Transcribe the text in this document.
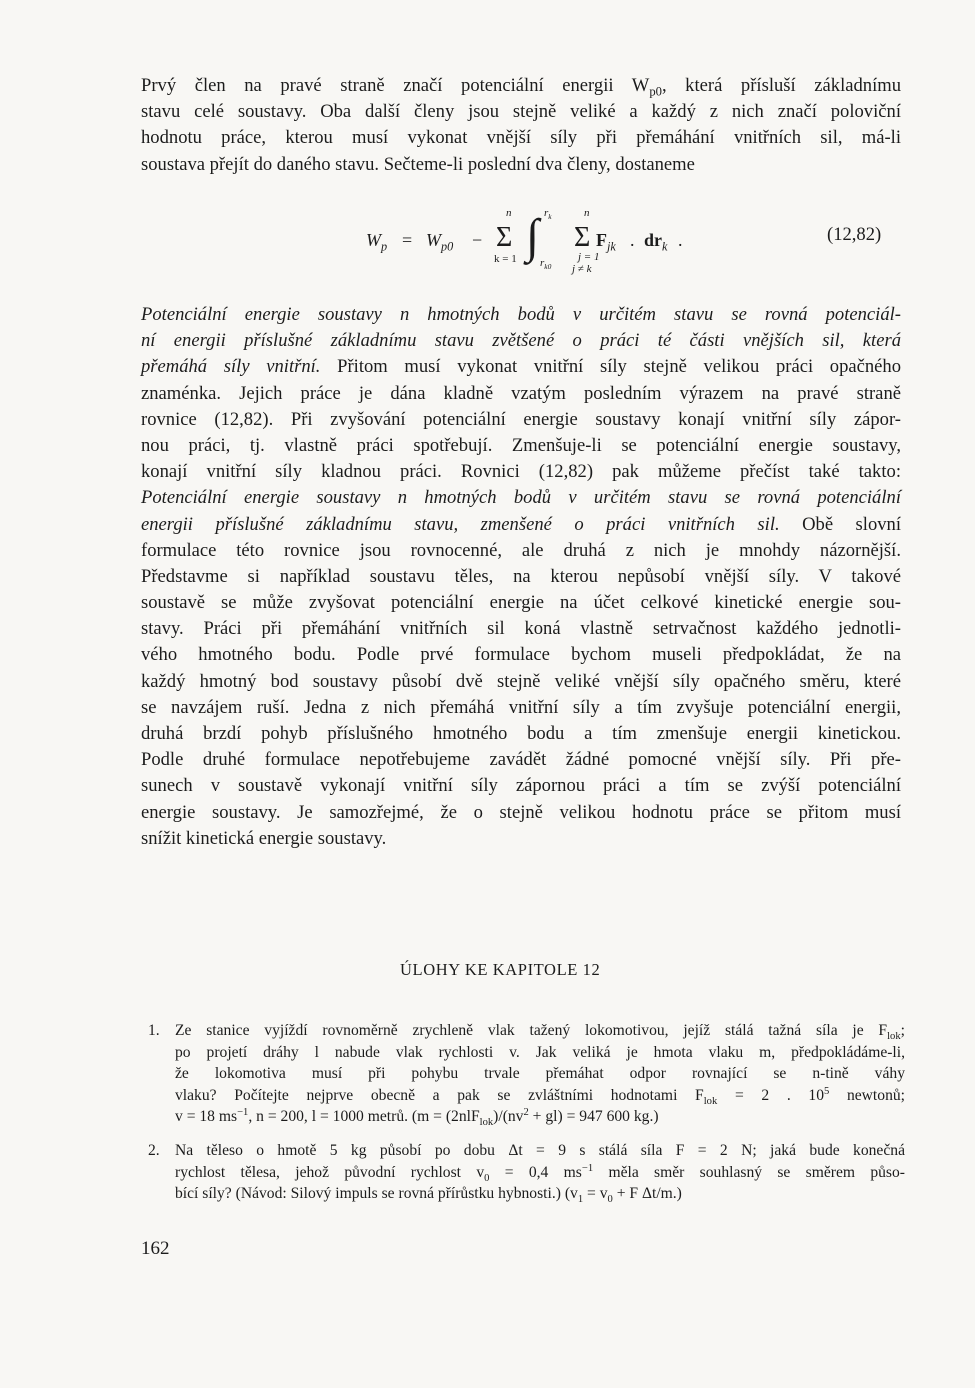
Prvý člen na pravé straně značí potenciální energii $W_{p0}$, která přísluší základnímu
stavu celé soustavy. Oba další členy jsou stejně veliké a každý z nich značí poloviční
hodnotu práce, kterou musí vykonat vnější síly při přemáhání vnitřních sil, má-li
soustava přejít do daného stavu. Sečteme-li poslední dva členy, dostaneme
$W_p = W_{p0}$ −
n
Σ
k = 1 ∫ $r_k$
$r_{k0}$
n
Σ
j = 1
j ≠ k
$F_{jk}$ . $dr_k$ .	(12,82)
Potenciální energie soustavy n hmotných bodů v určitém stavu se rovná potenciál-
ní energii příslušné základnímu stavu zvětšené o práci té části vnějších sil, která
přemáhá síly vnitřní. Přitom musí vykonat vnitřní síly stejně velikou práci opačného
znaménka. Jejich práce je dána kladně vzatým posledním výrazem na pravé straně
rovnice (12,82). Při zvyšování potenciální energie soustavy konají vnitřní síly zápor-
nou práci, tj. vlastně práci spotřebují. Zmenšuje-li se potenciální energie soustavy,
konají vnitřní síly kladnou práci. Rovnici (12,82) pak můžeme přečíst také takto:
Potenciální energie soustavy n hmotných bodů v určitém stavu se rovná potenciální
energii příslušné základnímu stavu, zmenšené o práci vnitřních sil. Obě slovní
formulace této rovnice jsou rovnocenné, ale druhá z nich je mnohdy názornější.
Představme si například soustavu těles, na kterou nepůsobí vnější síly. V takové
soustavě se může zvyšovat potenciální energie na účet celkové kinetické energie sou-
stavy. Práci při přemáhání vnitřních sil koná vlastně setrvačnost každého jednotli-
vého hmotného bodu. Podle prvé formulace bychom museli předpokládat, že na
každý hmotný bod soustavy působí dvě stejně veliké vnější síly opačného směru, které
se navzájem ruší. Jedna z nich přemáhá vnitřní síly a tím zvyšuje potenciální energii,
druhá brzdí pohyb příslušného hmotného bodu a tím zmenšuje energii kinetickou.
Podle druhé formulace nepotřebujeme zavádět žádné pomocné vnější síly. Při pře-
sunech v soustavě vykonají vnitřní síly zápornou práci a tím se zvýší potenciální
energie soustavy. Je samozřejmé, že o stejně velikou hodnotu práce se přitom musí
snížit kinetická energie soustavy.
ÚLOHY KE KAPITOLE 12
1. Ze stanice vyjíždí rovnoměrně zrychleně vlak tažený lokomotivou, jejíž stálá tažná síla je $F_{lok}$;
po projetí dráhy l nabude vlak rychlosti v. Jak veliká je hmota vlaku m, předpokládáme-li,
že lokomotiva musí při pohybu trvale přemáhat odpor rovnající se n-tině váhy
vlaku? Počítejte nejprve obecně a pak se zvláštními hodnotami $F_{lok} = 2$ . $10^5$ newtonů;
v = 18 $ms^{-1}$, n = 200, l = 1000 metrů. ($m = (2nlF_{lok})/(nv^2 + gl) = 947$ 600 kg.)
2. Na těleso o hmotě 5 kg působí po dobu Δt = 9 s stálá síla F = 2 N; jaká bude konečná
rychlost tělesa, jehož původní rychlost $v_0 = 0,4$ $ms^{-1}$ měla směr souhlasný se směrem půso-
bící síly? (Návod: Silový impuls se rovná přírůstku hybnosti.) ($v_1 = v_0 + F$ Δt/m.)
162
